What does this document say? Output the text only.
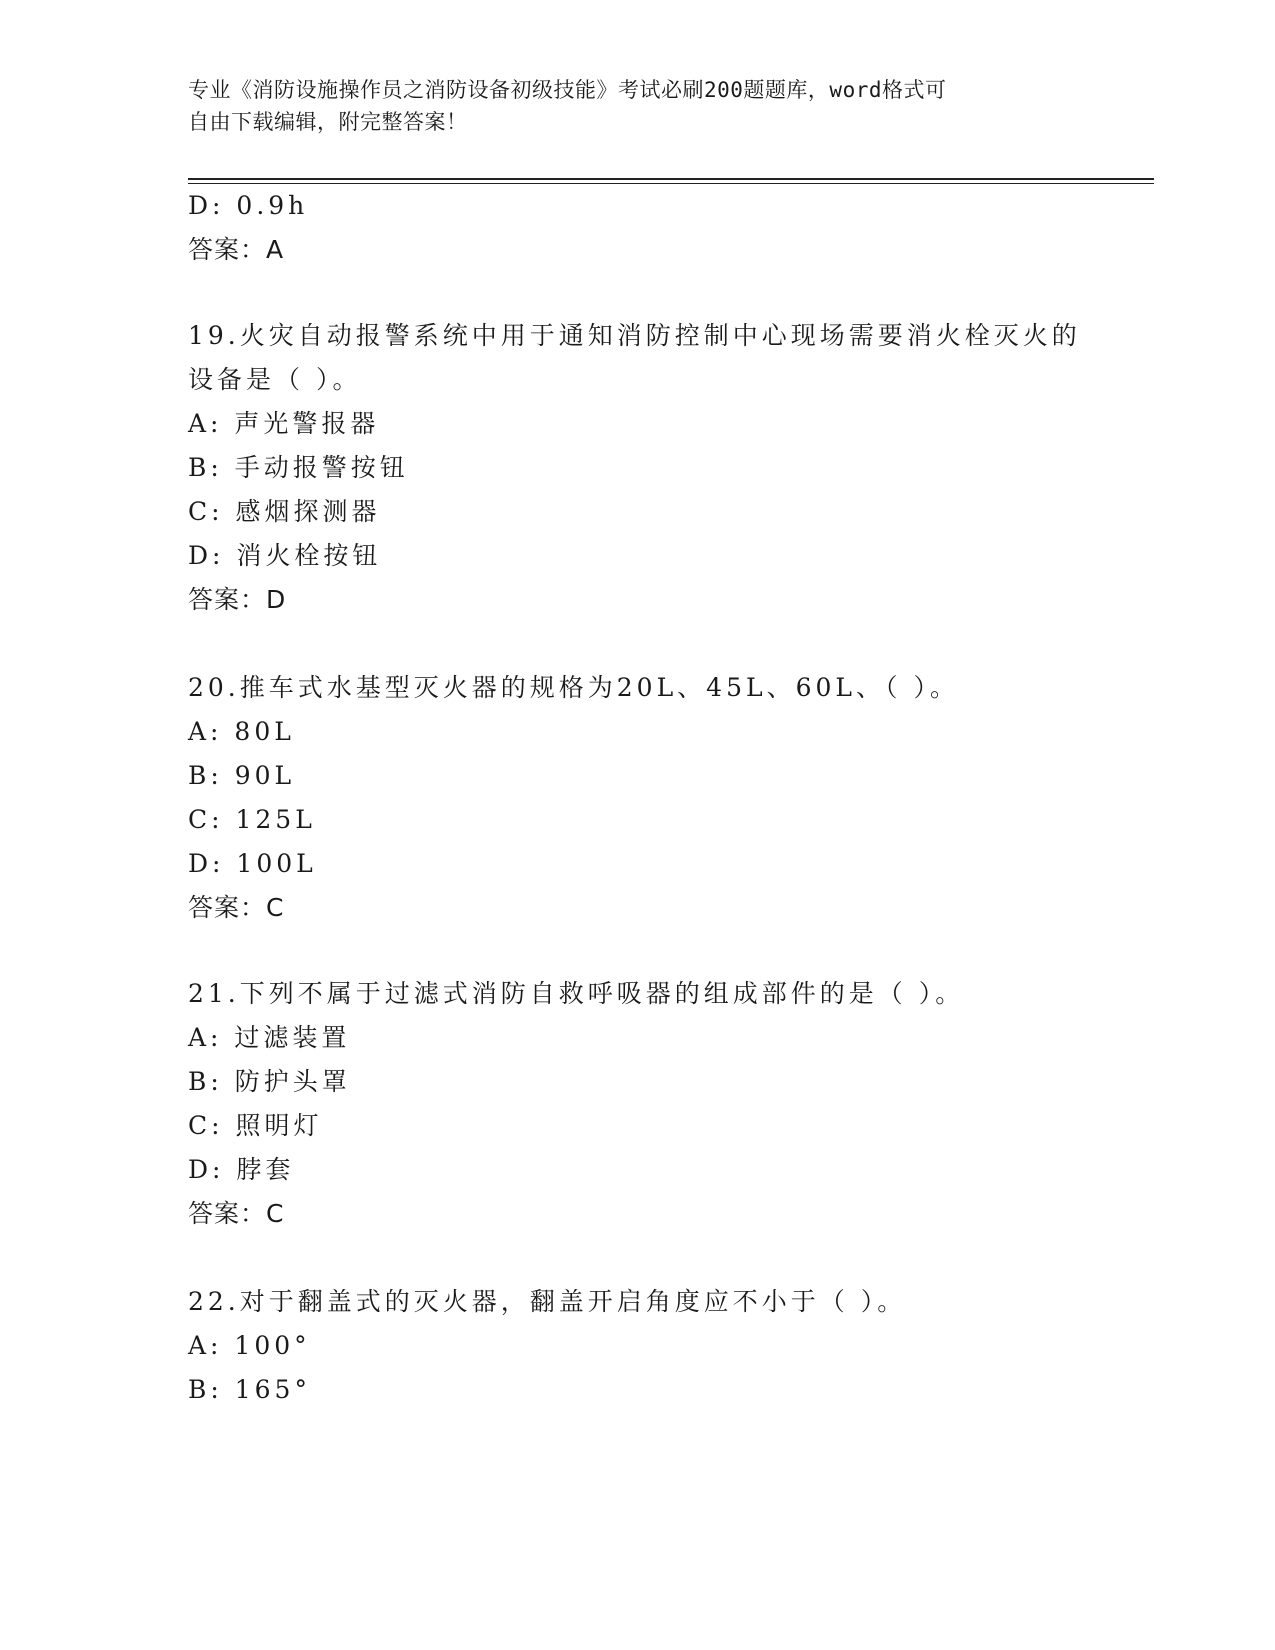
专业《消防设施操作员之消防设备初级技能》考试必刷200题题库，word格式可
自由下载编辑，附完整答案！
D: 0.9h
答案：A
19.火灾自动报警系统中用于通知消防控制中心现场需要消火栓灭火的
设备是（ ）。
A: 声光警报器
B: 手动报警按钮
C: 感烟探测器
D: 消火栓按钮
答案：D
20.推车式水基型灭火器的规格为20L、45L、60L、（ ）。
A: 80L
B: 90L
C: 125L
D: 100L
答案：C
21.下列不属于过滤式消防自救呼吸器的组成部件的是（ ）。
A: 过滤装置
B: 防护头罩
C: 照明灯
D: 脖套
答案：C
22.对于翻盖式的灭火器，翻盖开启角度应不小于（ ）。
A: 100°
B: 165°
